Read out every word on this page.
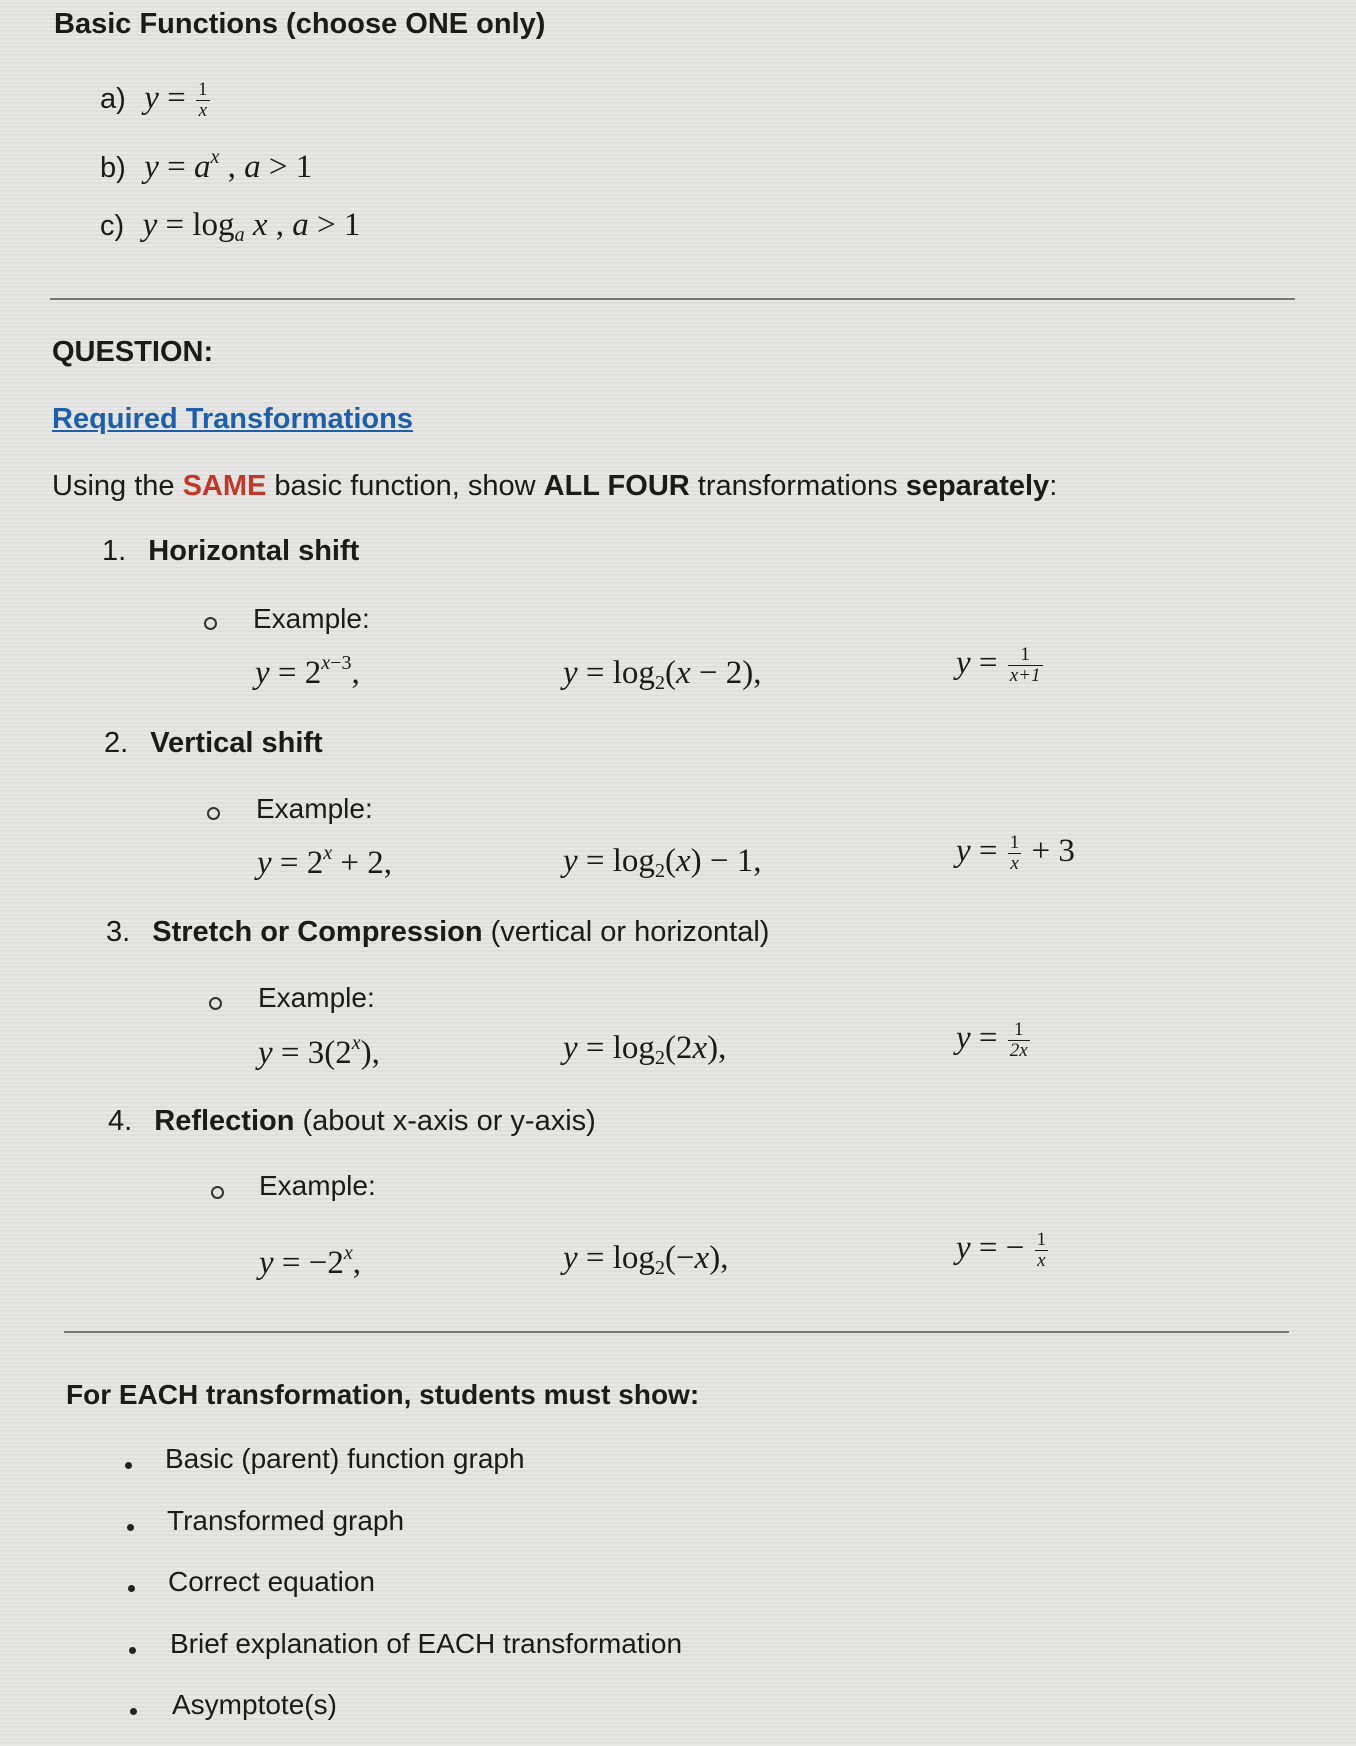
Basic Functions (choose ONE only)
a) $y = \frac{1}{x}$
b) $y = a^x$ , a > 1
c) $y = \log_a x$ , a > 1
QUESTION:
Required Transformations
Using the SAME basic function, show ALL FOUR transformations separately:
1. Horizontal shift
Example:
$y = 2^{x-3}$,	$y = \log_2(x - 2)$,	$y = \frac{1}{x+1}$
2. Vertical shift
Example:
$y = 2^x + 2$,	$y = \log_2(x) - 1$,	$y = \frac{1}{x} + 3$
3. Stretch or Compression (vertical or horizontal)
Example:
$y = 3(2^x)$,	$y = \log_2(2x)$,	$y = \frac{1}{2x}$
4. Reflection (about x-axis or y-axis)
Example:
$y = -2^x$,	$y = \log_2(-x)$,	y = − $\frac{1}{x}$
For EACH transformation, students must show:
Basic (parent) function graph
Transformed graph
Correct equation
Brief explanation of EACH transformation
Asymptote(s)
